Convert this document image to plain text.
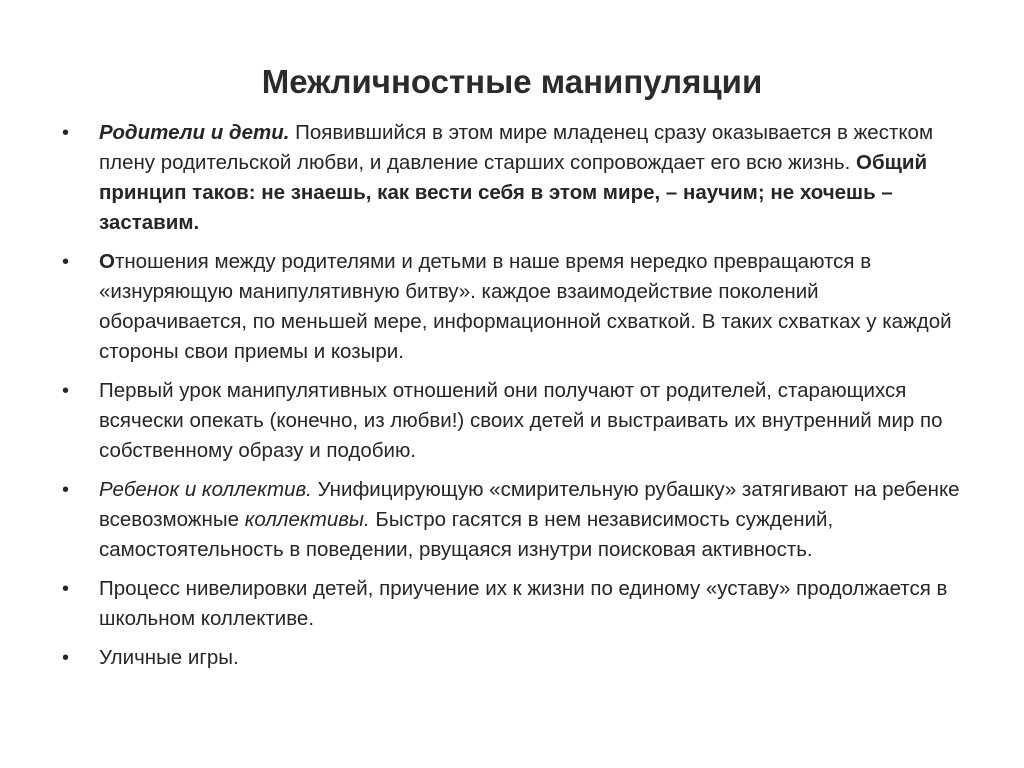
Межличностные манипуляции
•	Родители и дети. Появившийся в этом мире младенец сразу оказывается в жестком плену родительской любви, и давление старших сопровождает его всю жизнь. Общий принцип таков: не знаешь, как вести себя в этом мире, – научим; не хочешь – заставим.
•	Отношения между родителями и детьми в наше время нередко превращаются в «изнуряющую манипулятивную битву». каждое взаимодействие поколений оборачивается, по меньшей мере, информационной схваткой. В таких схватках у каждой стороны свои приемы и козыри.
•	Первый урок манипулятивных отношений они получают от родителей, старающихся всячески опекать (конечно, из любви!) своих детей и выстраивать их внутренний мир по собственному образу и подобию.
•	Ребенок и коллектив. Унифицирующую «смирительную рубашку» затягивают на ребенке всевозможные коллективы. Быстро гасятся в нем независимость суждений, самостоятельность в поведении, рвущаяся изнутри поисковая активность.
•	Процесс нивелировки детей, приучение их к жизни по единому «уставу» продолжается в школьном коллективе.
•	Уличные игры.
